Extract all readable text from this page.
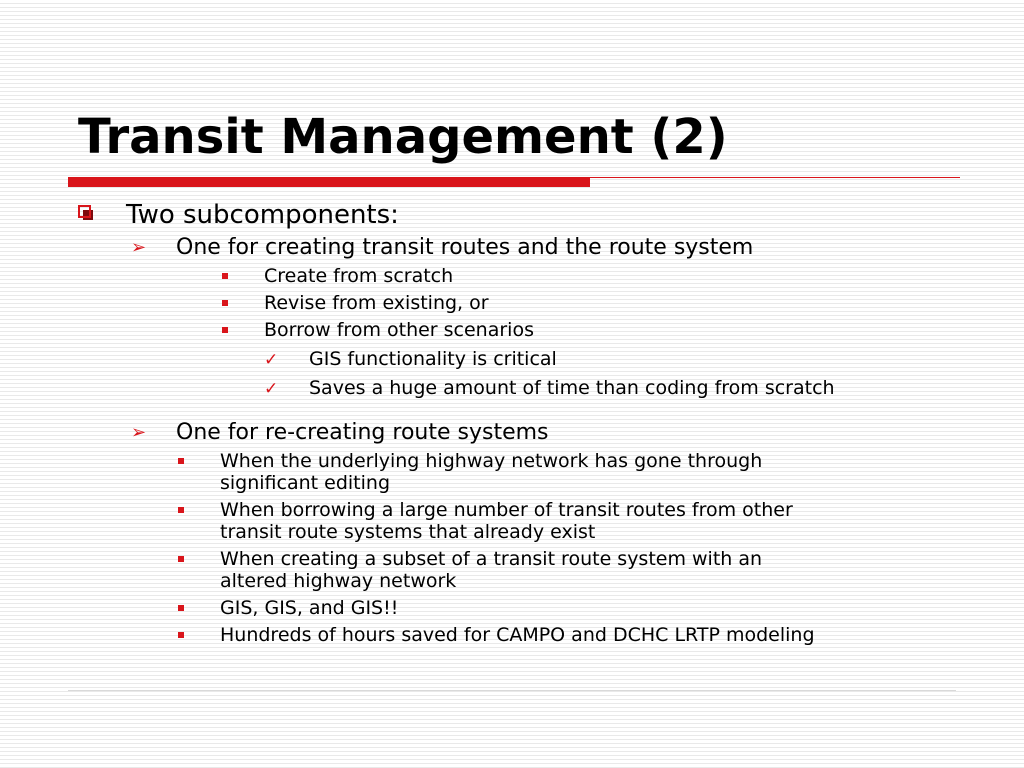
Transit Management (2)
Two subcomponents:
➢ One for creating transit routes and the route system
Create from scratch
Revise from existing, or
Borrow from other scenarios
✓ GIS functionality is critical
✓ Saves a huge amount of time than coding from scratch
➢ One for re-creating route systems
When the underlying highway network has gone through
significant editing
When borrowing a large number of transit routes from other
transit route systems that already exist
When creating a subset of a transit route system with an
altered highway network
GIS, GIS, and GIS!!
Hundreds of hours saved for CAMPO and DCHC LRTP modeling
